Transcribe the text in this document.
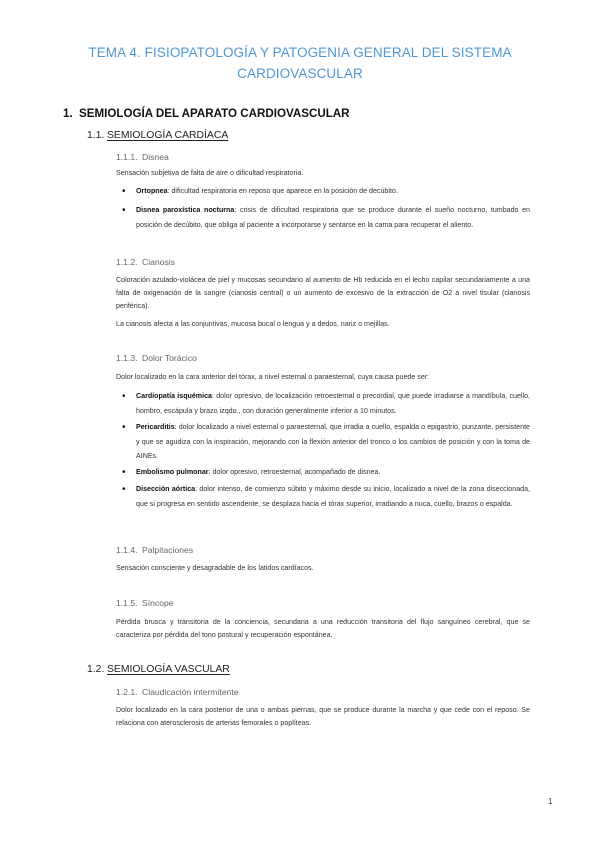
TEMA 4. FISIOPATOLOGÍA Y PATOGENIA GENERAL DEL SISTEMA
CARDIOVASCULAR
1. SEMIOLOGÍA DEL APARATO CARDIOVASCULAR
1.1. SEMIOLOGÍA CARDÍACA
1.1.1. Disnea
Sensación subjetiva de falta de aire o dificultad respiratoria.
• Ortopnea: dificultad respiratoria en reposo que aparece en la posición de decúbito.
• Disnea paroxística nocturna: crisis de dificultad respiratoria que se produce durante el sueño nocturno, tumbado en posición de decúbito, que obliga al paciente a incorporarse y sentarse en la cama para recuperar el aliento.
1.1.2. Cianosis
Coloración azulado-violácea de piel y mucosas secundario al aumento de Hb reducida en el lecho capilar secundariamente a una falta de oxigenación de la sangre (cianosis central) o un aumento de excesivo de la extracción de O2 a nivel tisular (cianosis periférica).
La cianosis afecta a las conjuntivas, mucosa bucal o lengua y a dedos, nariz o mejillas.
1.1.3. Dolor Torácico
Dolor localizado en la cara anterior del tórax, a nivel esternal o paraesternal, cuya causa puede ser:
• Cardiopatía isquémica: dolor opresivo, de localización retroesternal o precordial, que puede irradiarse a mandíbula, cuello, hombro, escápula y brazo izqdo., con duración generalmente inferior a 10 minutos.
• Pericarditis: dolor localizado a nivel esternal o paraesternal, que irradia a cuello, espalda o epigastrio, punzante, persistente y que se agudiza con la inspiración, mejorando con la flexión anterior del tronco o los cambios de posición y con la toma de AINEs.
• Embolismo pulmonar: dolor opresivo, retroesternal, acompañado de disnea.
• Disección aórtica: dolor intenso, de comienzo súbito y máximo desde su inicio, localizado a nivel de la zona diseccionada, que si progresa en sentido ascendente, se desplaza hacia el tórax superior, irradiando a nuca, cuello, brazos o espalda.
1.1.4. Palpitaciones
Sensación consciente y desagradable de los latidos cardíacos.
1.1.5. Síncope
Pérdida brusca y transitoria de la conciencia, secundaria a una reducción transitoria del flujo sanguíneo cerebral, que se caracteriza por pérdida del tono postural y recuperación espontánea.
1.2. SEMIOLOGÍA VASCULAR
1.2.1. Claudicación intermitente
Dolor localizado en la cara posterior de una o ambas piernas, que se produce durante la marcha y que cede con el reposo. Se relaciona con aterosclerosis de arterias femorales o poplíteas.
1
